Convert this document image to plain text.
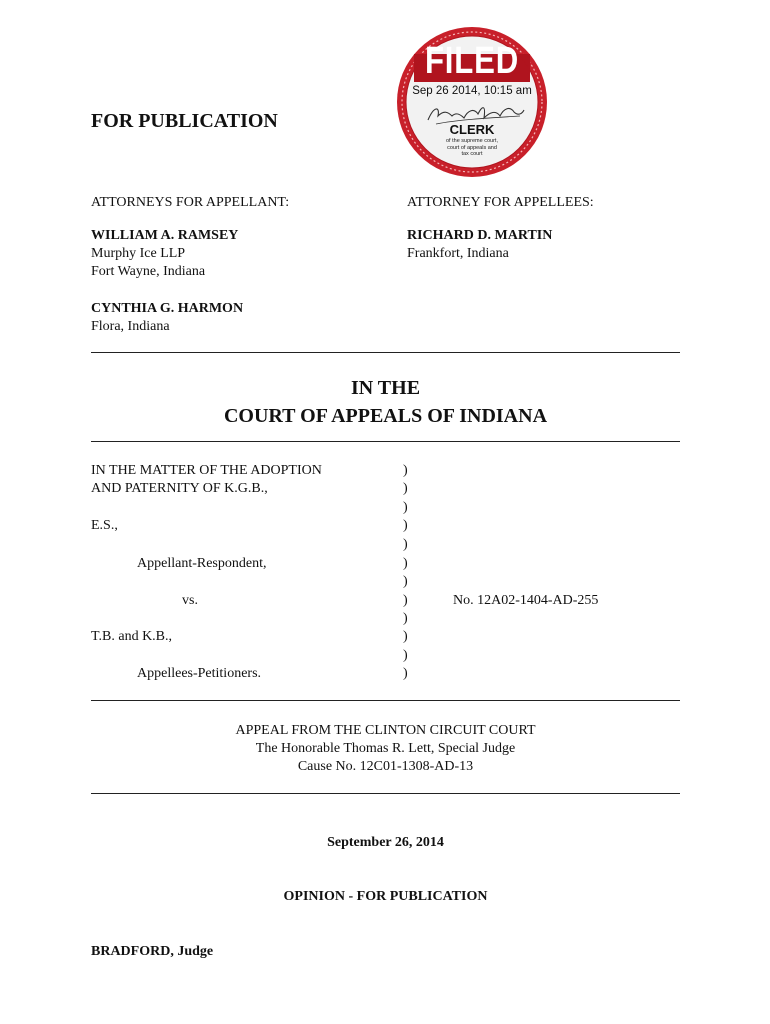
FILED
Sep 26 2014, 10:15 am
CLERK
of the supreme court,
court of appeals and
tax court
FOR PUBLICATION
ATTORNEYS FOR APPELLANT:	ATTORNEY FOR APPELLEES:
WILLIAM A. RAMSEY
Murphy Ice LLP
Fort Wayne, Indiana
CYNTHIA G. HARMON
Flora, Indiana
RICHARD D. MARTIN
Frankfort, Indiana
IN THE
COURT OF APPEALS OF INDIANA
IN THE MATTER OF THE ADOPTION
AND PATERNITY OF K.G.B.,
E.S.,
Appellant-Respondent,
vs.
T.B. and K.B.,
Appellees-Petitioners.
)
)
)
)
)
)
)
)
)
)
)
)
No. 12A02-1404-AD-255
APPEAL FROM THE CLINTON CIRCUIT COURT
The Honorable Thomas R. Lett, Special Judge
Cause No. 12C01-1308-AD-13
September 26, 2014
OPINION - FOR PUBLICATION
BRADFORD, Judge
